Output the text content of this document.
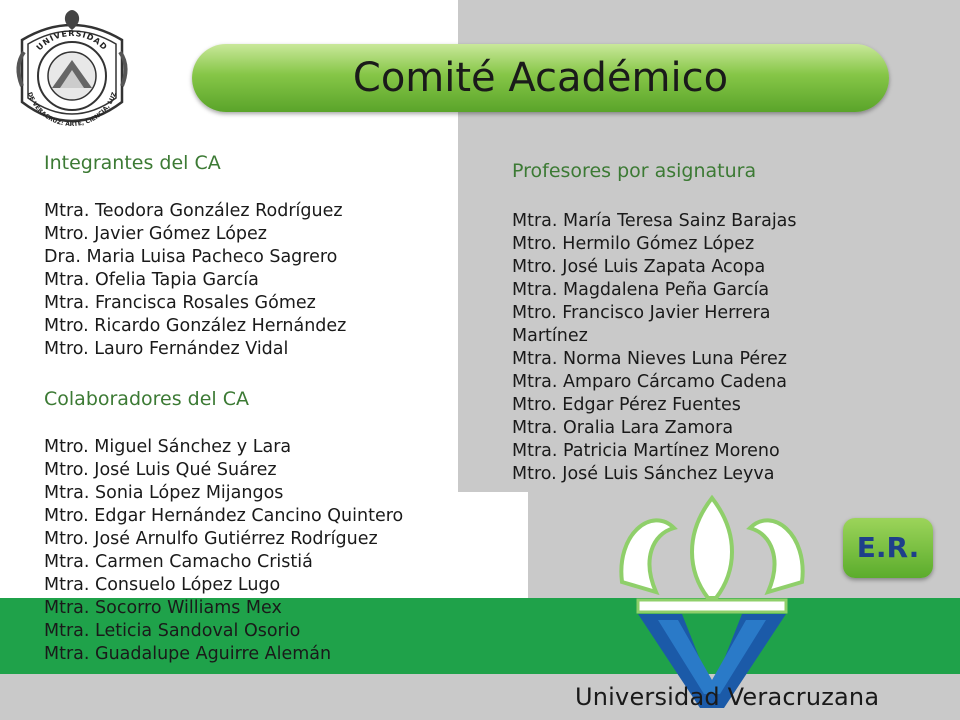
UNIVERSIDAD
DE VERACRUZ: ARTE, CIENCIA, LUZ	Comité Académico
Integrantes del CA
Mtra. Teodora González Rodríguez
Mtro. Javier Gómez López
Dra. Maria Luisa Pacheco Sagrero
Mtra. Ofelia Tapia García
Mtra. Francisca Rosales Gómez
Mtro. Ricardo González Hernández
Mtro. Lauro Fernández Vidal
Colaboradores del CA
Mtro. Miguel Sánchez y Lara
Mtro. José Luis Qué Suárez
Mtra. Sonia López Mijangos
Mtro. Edgar Hernández Cancino Quintero
Mtro. José Arnulfo Gutiérrez Rodríguez
Mtra. Carmen Camacho Cristiá
Mtra. Consuelo López Lugo
Mtra. Socorro Williams Mex
Mtra. Leticia Sandoval Osorio
Mtra. Guadalupe Aguirre Alemán
Profesores por asignatura
Mtra. María Teresa Sainz Barajas
Mtro. Hermilo Gómez López
Mtro. José Luis Zapata Acopa
Mtra. Magdalena Peña García
Mtro. Francisco Javier Herrera
Martínez
Mtra. Norma Nieves Luna Pérez
Mtra. Amparo Cárcamo Cadena
Mtro. Edgar Pérez Fuentes
Mtra. Oralia Lara Zamora
Mtra. Patricia Martínez Moreno
Mtro. José Luis Sánchez Leyva
E.R.
Universidad Veracruzana
